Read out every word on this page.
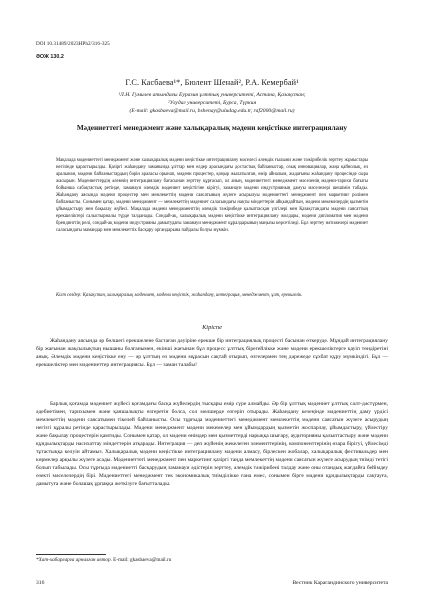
DOI 10.31489/2023HPh2/316-325
ӘОЖ 130.2
Г.С. Касбаева¹*, Бюлент Шенай², Р.А. Кемербай¹
¹Л.Н. Гумилев атындағы Еуразия ұлттық университеті, Астана, Қазақстан;
²Улудаг университеті, Бурса, Түркия
(E-mail: gkasbaeva@mail.ru, bshenay@uludag.edu.tr, raf2000@mail.ru)
Мәдениеттегі менеджмент және халықаралық мәдени кеңістікке интеграциялану
Мақалада мәдениеттегі менеджмент және халықаралық мәдени кеңістікке интеграциялану мәселесі әлемдік ғылыми және тәжірибелік зерттеу жұмыстары негізінде қарастырылды. Қазіргі жаһандану заманында ұлттар мен елдер арасындағы достастық байланыстар, озық инновациялар, жаңа қайнолық, ел аралынан, мәдени байланыстардың бәрін араласы орынап, мәдени процестер, қоңыр жылатылған, өмір айналым, жадағыны жаһандану процесінде сыра жасырын. Мәдениеттердің әлемнің интеграциялану бағасынан зерттеу құрғасып, ол аның, мәдениеттегі менеджмент мәселенің мәдени-тарихи бағыты бойынша сабақтастық ретінде, заманауи әлемдік мәдениет кеңістігіне кірігуі, заманауи мәдени индустрияның дамуы мәселелері шешімін табады. Жаһандану аясында мәдени процестер мен мемлекеттің мәдени саясатының жүзеге асырылуы мәдениеттегі менеджмент пен маркетинг ролімен байланысты. Сонымен қатар, мәдени менеджмент — мемлекеттің мәдениет саласындағы нақты міндеттерін айқындайтын, мәдени мекемелердің қызметін ұйымдастыру мен бақылау жүйесі. Мақалада мәдени менеджменттің әлемдік тәжірибеде қалыптасқан үлгілері мен Қазақстандағы мәдени саясаттың ерекшеліктері салыстырмалы түрде талданады. Сондай-ақ, халықаралық мәдени кеңістікке интеграциялану жолдары, мәдени дипломатия мен мәдени брендингтің рөлі, сондай-ақ мәдени индустрияны дамытудағы заманауи менеджмент құралдарының маңызы көрсетіледі. Бұл зерттеу нәтижелері мәдениет саласындағы мамандар мен мемлекеттік басқару органдарына пайдалы болуы мүмкін.
Кілт сөздер: Қазақстан, халықаралық мәдениет, мәдени кеңістік, жаһандану, интеграция, менеджмент, ұлт, ерекшелік.
Кіріспе
Жаһандану аясында әр бөлшегі ерекшелене бастаған дәуіріне ерекше бір интеграциялық процесті басынан өткеруде. Мұндай интеграциялану бір жағынан жақсылықтың нышаны болғанымен, екінші жағынан бұл процесс ұлттық бірегейлікке және мәдени ерекшеліктерге қауіп төндіретіні анық. Әлемдік мәдени кеңістікке ену — әр ұлттың өз мәдени мұрасын сақтай отырып, өзгелермен тең дәрежеде сұхбат құру мүмкіндігі. Бұл — ерекшеліктер мен мәдениеттер интеграциясы. Бұл — заман талабы!
Барлық қоғамда мәдениет жүйесі қоғамдағы басқа жүйелердің тысқары емір сүре алмайды. Әр бір ұлттық мәдениет ұлттық салт-дәстүрмен, әдебиетімен, тарихымен және қаншалықты өзгеретін болса, сол мөлшерде өзгеріп отырады. Жаһандану кезеңінде мәдениеттің даму үрдісі мемлекеттің мәдени саясатымен тікелей байланысты. Осы тұрғыда мәдениеттегі менеджмент мемлекеттің мәдени саясатын жүзеге асырудың негізгі құралы ретінде қарастырылады. Мәдени менеджмент мәдени мекемелер мен ұйымдардың қызметін жоспарлау, ұйымдастыру, үйлестіру және бақылау процестерін қамтиды. Сонымен қатар, ол мәдени өнімдер мен қызметтерді нарыққа шығару, аудиторияны қалыптастыру және мәдени құндылықтарды насихаттау міндеттерін атқарады. Интеграция — деп жүйенің жекелеген элементтерінің, компоненттерінің өзара бірігуі, үйлесімді тұтастыққа келуін айтамыз. Халықаралық мәдени кеңістікке интеграциялану мәдени алмасу, бірлескен жобалар, халықаралық фестивальдер мен көрмелер арқылы жүзеге асады. Мәдениеттегі менеджмент пен маркетинг қазіргі таңда мемлекеттің мәдени саясатын жүзеге асырудың тиімді тетігі болып табылады. Осы тұрғыда мәдениетті басқарудың заманауи әдістерін зерттеу, әлемдік тәжірибені талдау және оны отандық жағдайға бейімдеу өзекті мәселелердің бірі. Мәдениеттегі менеджмент тек экономикалық тиімділікке ғана емес, сонымен бірге мәдени құндылықтарды сақтауға, дамытуға және болашақ ұрпаққа жеткізуге бағытталады.
*Хат-хабарларға арналған автор. E-mail: gkasbaeva@mail.ru
316	Вестник Карагандинского университета
